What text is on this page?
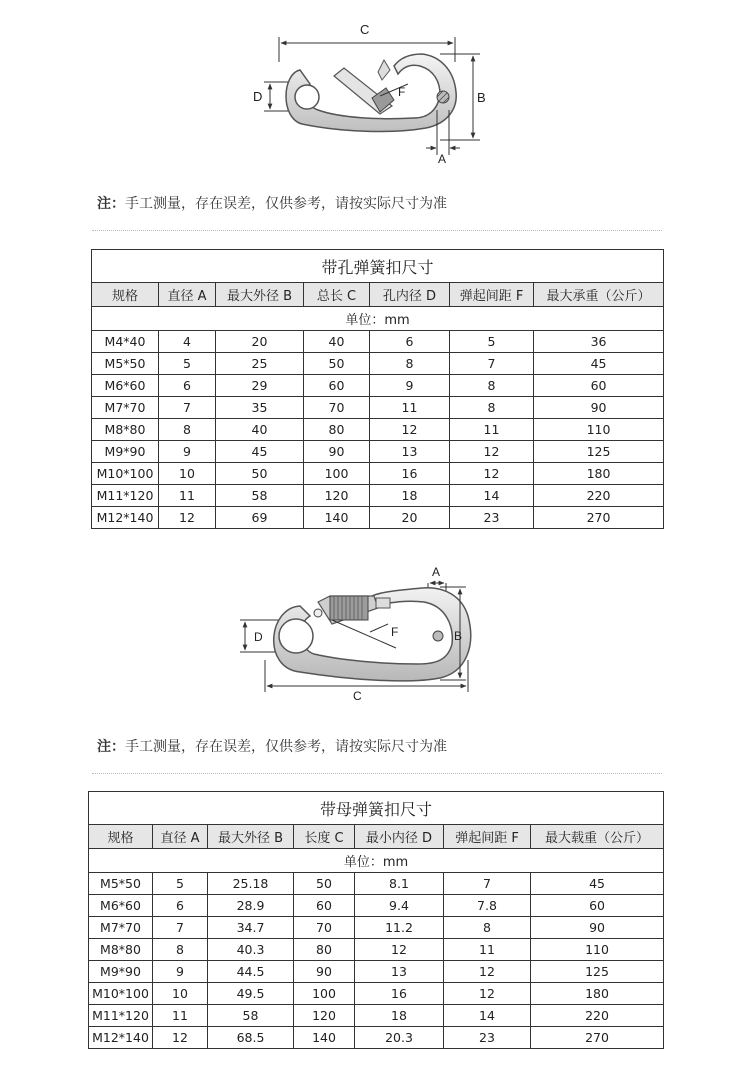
C
D	F
A
B
注：手工测量，存在误差，仅供参考，请按实际尺寸为准
带孔弹簧扣尺寸						
规格	直径 A	最大外径 B	总长 C	孔内径 D	弹起间距 F	最大承重（公斤）
单位：mm						
M4*40	4	20	40	6	5	36
M5*50	5	25	50	8	7	45
M6*60	6	29	60	9	8	60
M7*70	7	35	70	11	8	90
M8*80	8	40	80	12	11	110
M9*90	9	45	90	13	12	125
M10*100	10	50	100	16	12	180
M11*120	11	58	120	18	14	220
M12*140	12	69	140	20	23	270
A
D	F	B
C
注：手工测量，存在误差，仅供参考，请按实际尺寸为准
带母弹簧扣尺寸						
规格	直径 A	最大外径 B	长度 C	最小内径 D	弹起间距 F	最大载重（公斤）
单位：mm						
M5*50	5	25.18	50	8.1	7	45
M6*60	6	28.9	60	9.4	7.8	60
M7*70	7	34.7	70	11.2	8	90
M8*80	8	40.3	80	12	11	110
M9*90	9	44.5	90	13	12	125
M10*100	10	49.5	100	16	12	180
M11*120	11	58	120	18	14	220
M12*140	12	68.5	140	20.3	23	270
